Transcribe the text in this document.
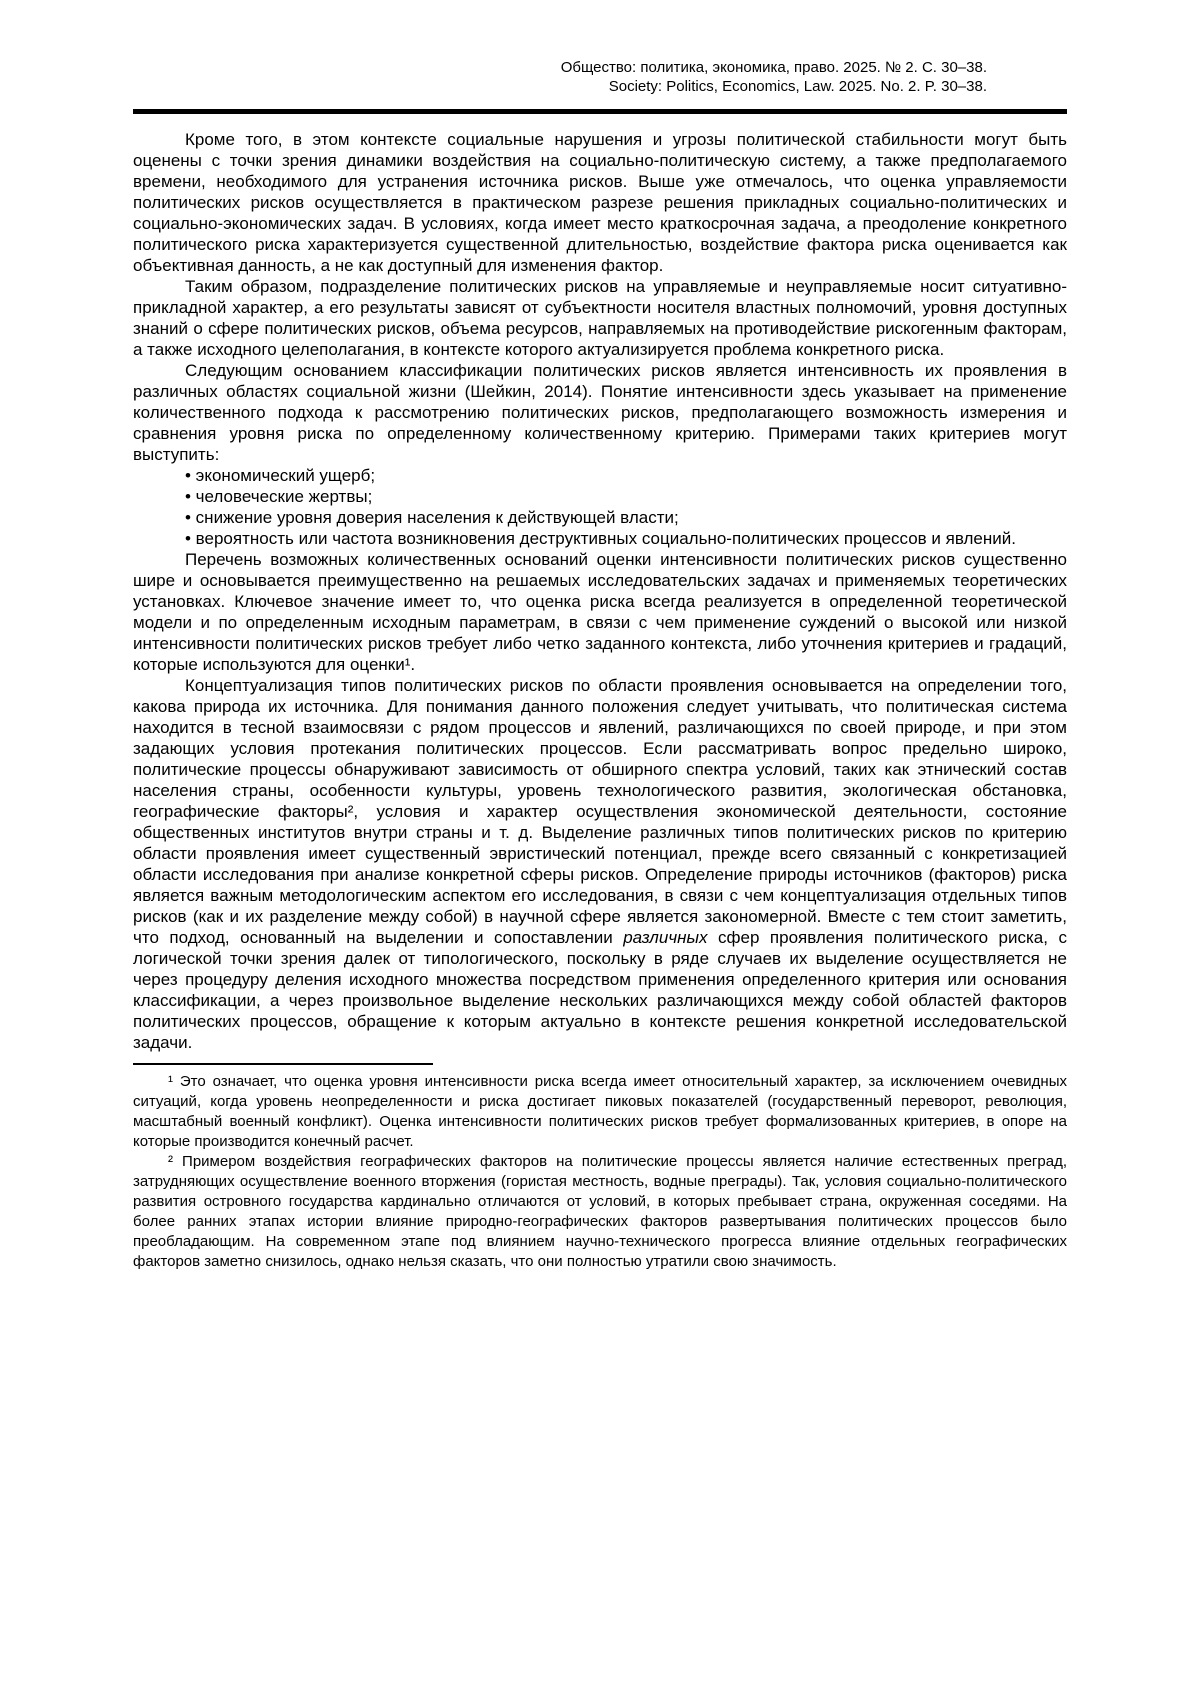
Общество: политика, экономика, право. 2025. № 2. С. 30–38.
Society: Politics, Economics, Law. 2025. No. 2. P. 30–38.

Кроме того, в этом контексте социальные нарушения и угрозы политической стабильности могут быть оценены с точки зрения динамики воздействия на социально-политическую систему, а также предполагаемого времени, необходимого для устранения источника рисков. Выше уже отмечалось, что оценка управляемости политических рисков осуществляется в практическом разрезе решения прикладных социально-политических и социально-экономических задач. В условиях, когда имеет место краткосрочная задача, а преодоление конкретного политического риска характеризуется существенной длительностью, воздействие фактора риска оценивается как объективная данность, а не как доступный для изменения фактор.

Таким образом, подразделение политических рисков на управляемые и неуправляемые носит ситуативно-прикладной характер, а его результаты зависят от субъектности носителя властных полномочий, уровня доступных знаний о сфере политических рисков, объема ресурсов, направляемых на противодействие рискогенным факторам, а также исходного целеполагания, в контексте которого актуализируется проблема конкретного риска.

Следующим основанием классификации политических рисков является интенсивность их проявления в различных областях социальной жизни (Шейкин, 2014). Понятие интенсивности здесь указывает на применение количественного подхода к рассмотрению политических рисков, предполагающего возможность измерения и сравнения уровня риска по определенному количественному критерию. Примерами таких критериев могут выступить:

• экономический ущерб;

• человеческие жертвы;

• снижение уровня доверия населения к действующей власти;

• вероятность или частота возникновения деструктивных социально-политических процессов и явлений.

Перечень возможных количественных оснований оценки интенсивности политических рисков существенно шире и основывается преимущественно на решаемых исследовательских задачах и применяемых теоретических установках. Ключевое значение имеет то, что оценка риска всегда реализуется в определенной теоретической модели и по определенным исходным параметрам, в связи с чем применение суждений о высокой или низкой интенсивности политических рисков требует либо четко заданного контекста, либо уточнения критериев и градаций, которые используются для оценки¹.

Концептуализация типов политических рисков по области проявления основывается на определении того, какова природа их источника. Для понимания данного положения следует учитывать, что политическая система находится в тесной взаимосвязи с рядом процессов и явлений, различающихся по своей природе, и при этом задающих условия протекания политических процессов. Если рассматривать вопрос предельно широко, политические процессы обнаруживают зависимость от обширного спектра условий, таких как этнический состав населения страны, особенности культуры, уровень технологического развития, экологическая обстановка, географические факторы², условия и характер осуществления экономической деятельности, состояние общественных институтов внутри страны и т. д. Выделение различных типов политических рисков по критерию области проявления имеет существенный эвристический потенциал, прежде всего связанный с конкретизацией области исследования при анализе конкретной сферы рисков. Определение природы источников (факторов) риска является важным методологическим аспектом его исследования, в связи с чем концептуализация отдельных типов рисков (как и их разделение между собой) в научной сфере является закономерной. Вместе с тем стоит заметить, что подход, основанный на выделении и сопоставлении различных сфер проявления политического риска, с логической точки зрения далек от типологического, поскольку в ряде случаев их выделение осуществляется не через процедуру деления исходного множества посредством применения определенного критерия или основания классификации, а через произвольное выделение нескольких различающихся между собой областей факторов политических процессов, обращение к которым актуально в контексте решения конкретной исследовательской задачи.

¹ Это означает, что оценка уровня интенсивности риска всегда имеет относительный характер, за исключением очевидных ситуаций, когда уровень неопределенности и риска достигает пиковых показателей (государственный переворот, революция, масштабный военный конфликт). Оценка интенсивности политических рисков требует формализованных критериев, в опоре на которые производится конечный расчет.

² Примером воздействия географических факторов на политические процессы является наличие естественных преград, затрудняющих осуществление военного вторжения (гористая местность, водные преграды). Так, условия социально-политического развития островного государства кардинально отличаются от условий, в которых пребывает страна, окруженная соседями. На более ранних этапах истории влияние природно-географических факторов развертывания политических процессов было преобладающим. На современном этапе под влиянием научно-технического прогресса влияние отдельных географических факторов заметно снизилось, однако нельзя сказать, что они полностью утратили свою значимость.
